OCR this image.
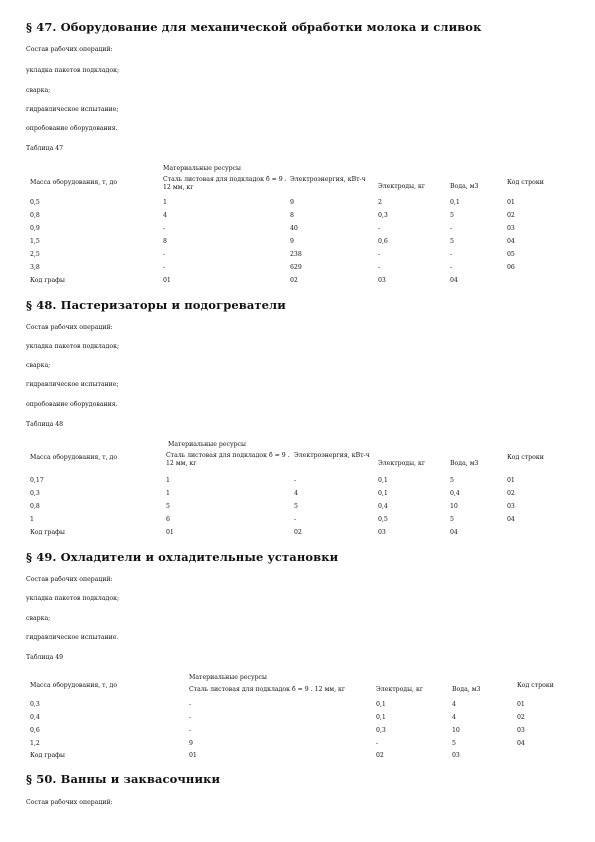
§ 47. Оборудование для механической обработки молока и сливок
Состав рабочих операций:
укладка пакетов подкладок;
сварка;
гидравлическое испытание;
опробование оборудования.
Таблица 47
Материальные ресурсы
Масса оборудования, т, до	Сталь листовая для подкладок б = 9 . 12 мм, кг
Электроэнергия, кВт-ч
Электроды, кг	Вода, м3
Код строки
0,5	1	9	2	0,1	01
0,8	4	8	0,3	5	02
0,9	-	40	-	-	03
1,5	8	9	0,6	5	04
2,5	-	238	-	-	05
3,8	-	629	-	-	06
Код графы	01	02	03	04
§ 48. Пастеризаторы и подогреватели
Состав рабочих операций:
укладка пакетов подкладок;
сварка;
гидравлическое испытание;
опробование оборудования.
Таблица 48
Материальные ресурсы
Масса оборудования, т, до	Сталь листовая для подкладок б = 9 . 12 мм, кг
Электроэнергия, кВт-ч
Электроды, кг	Вода, м3
Код строки
0,17	1	-	0,1	5	01
0,3	1	4	0,1	0,4	02
0,8	5	5	0,4	10	03
1	6	-	0,5	5	04
Код графы	01	02	03	04
§ 49. Охладители и охладительные установки
Состав рабочих операций:
укладка пакетов подкладок;
сварка;
гидравлическое испытание.
Таблица 49
Материальные ресурсы
Масса оборудования, т, до
Сталь листовая для подкладок б = 9 . 12 мм, кг	Электроды, кг	Вода, м3
Код строки
0,3	-	0,1	4	01
0,4	-	0,1	4	02
0,6	-	0,3	10	03
1,2	9	-	5	04
Код графы	01	02	03
§ 50. Ванны и заквасочники
Состав рабочих операций:
